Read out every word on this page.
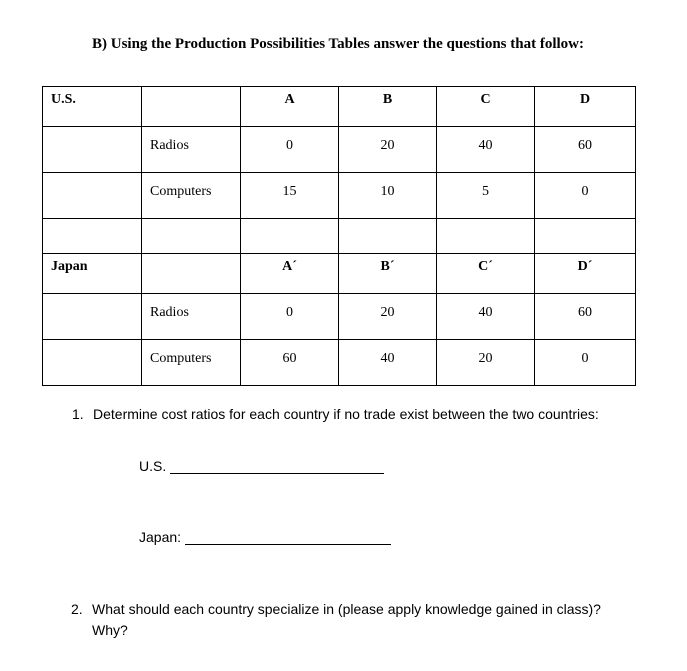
B) Using the Production Possibilities Tables answer the questions that follow:
U.S.		A	B	C	D
	Radios	0	20	40	60
	Computers	15	10	5	0

Japan		A´	B´	C´	D´
	Radios	0	20	40	60
	Computers	60	40	20	0
1. Determine cost ratios for each country if no trade exist between the two countries:
U.S.
Japan:
2. What should each country specialize in (please apply knowledge gained in class)?
Why?
